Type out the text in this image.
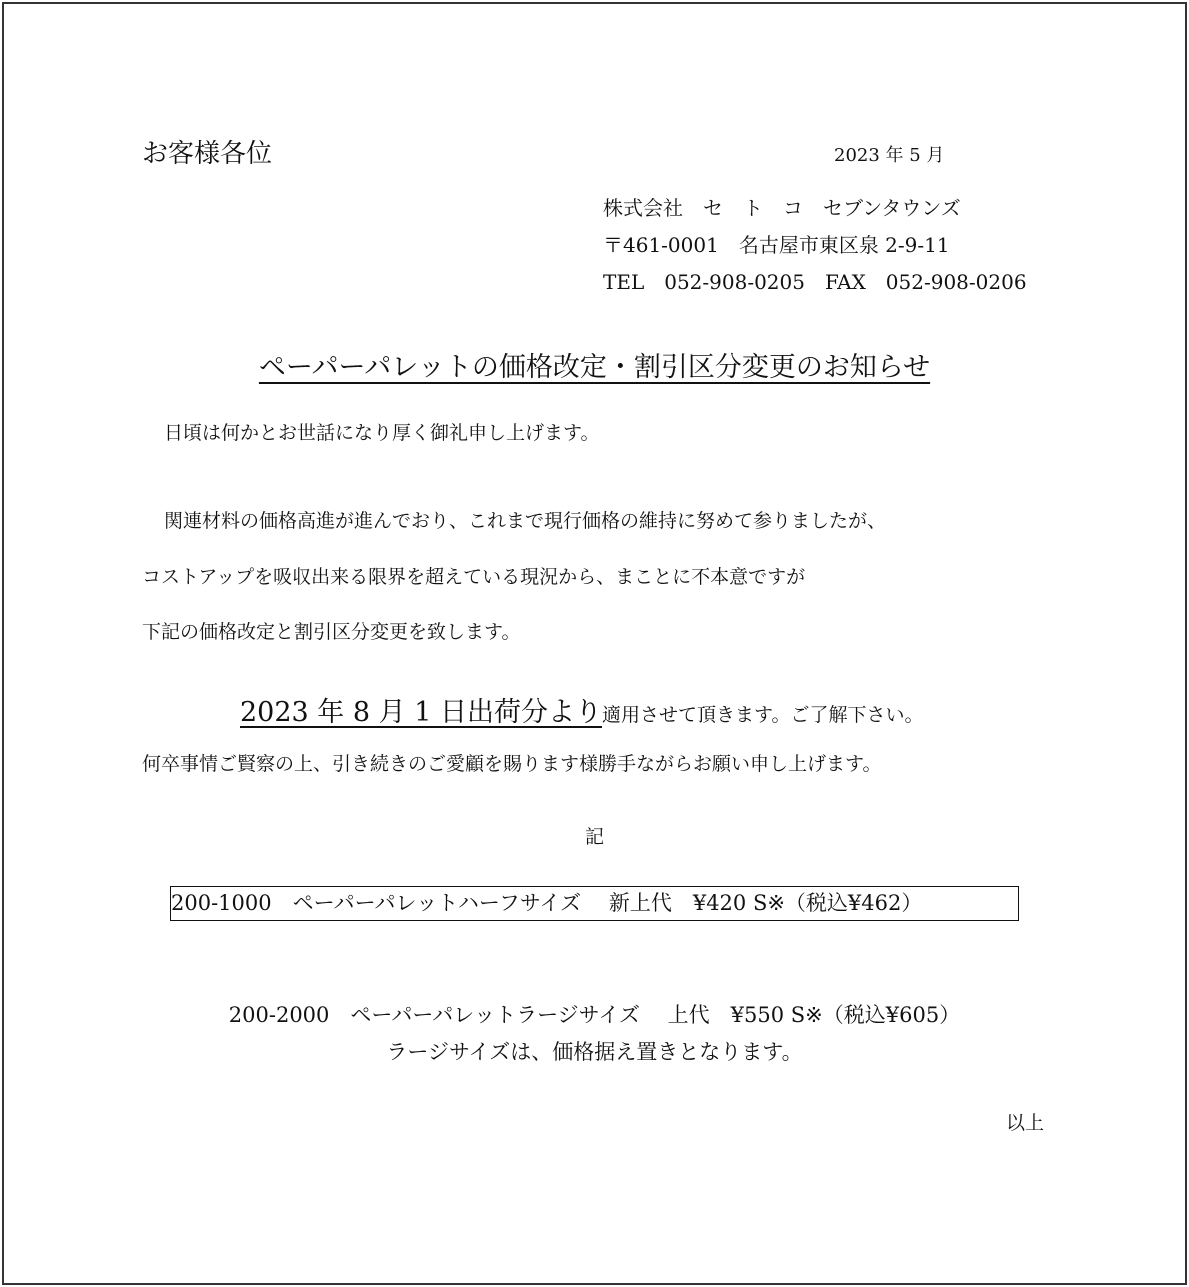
お客様各位	2023 年 5 月
株式会社　セ　ト　コ　セブンタウンズ
〒461-0001　名古屋市東区泉 2-9-11
TEL　052-908-0205　FAX　052-908-0206
ペーパーパレットの価格改定・割引区分変更のお知らせ
日頃は何かとお世話になり厚く御礼申し上げます。
関連材料の価格高進が進んでおり、これまで現行価格の維持に努めて参りましたが、
コストアップを吸収出来る限界を超えている現況から、まことに不本意ですが
下記の価格改定と割引区分変更を致します。
2023 年 8 月 1 日出荷分より適用させて頂きます。ご了解下さい。
何卒事情ご賢察の上、引き続きのご愛顧を賜ります様勝手ながらお願い申し上げます。
記
200-1000　ペーパーパレットハーフサイズ　 新上代　¥420 S※（税込¥462）
200-2000　ペーパーパレットラージサイズ　 上代　¥550 S※（税込¥605）
ラージサイズは、価格据え置きとなります。
以上
